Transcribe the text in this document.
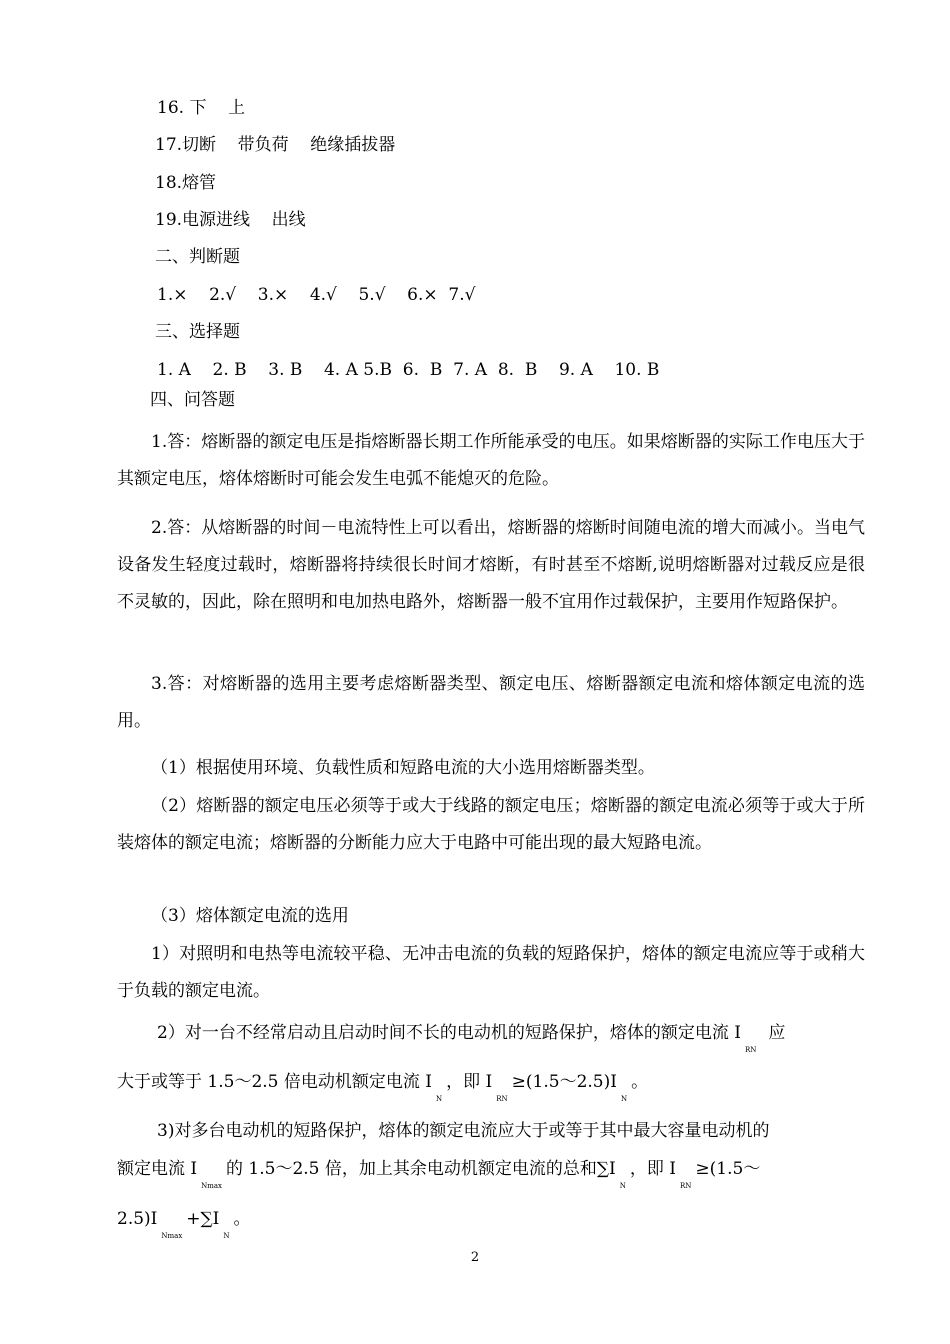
16. 下    上
17.切断    带负荷    绝缘插拔器
18.熔管
19.电源进线    出线
二、判断题
1.×    2.√    3.×    4.√    5.√    6.×  7.√
三、选择题
1. A    2. B    3. B    4. A 5.B  6.  B  7. A  8.  B    9. A    10. B
四、问答题
1.答：熔断器的额定电压是指熔断器长期工作所能承受的电压。如果熔断器的实际工作电压大于其额定电压，熔体熔断时可能会发生电弧不能熄灭的危险。
2.答：从熔断器的时间－电流特性上可以看出，熔断器的熔断时间随电流的增大而减小。当电气设备发生轻度过载时，熔断器将持续很长时间才熔断，有时甚至不熔断,说明熔断器对过载反应是很不灵敏的，因此，除在照明和电加热电路外，熔断器一般不宜用作过载保护，主要用作短路保护。
3.答：对熔断器的选用主要考虑熔断器类型、额定电压、熔断器额定电流和熔体额定电流的选用。
（1）根据使用环境、负载性质和短路电流的大小选用熔断器类型。
（2）熔断器的额定电压必须等于或大于线路的额定电压；熔断器的额定电流必须等于或大于所装熔体的额定电流；熔断器的分断能力应大于电路中可能出现的最大短路电流。
（3）熔体额定电流的选用
1）对照明和电热等电流较平稳、无冲击电流的负载的短路保护，熔体的额定电流应等于或稍大于负载的额定电流。
2）对一台不经常启动且启动时间不长的电动机的短路保护，熔体的额定电流 $I_{RN}$应
大于或等于 1.5～2.5 倍电动机额定电流 $I_N$，即 $I_{RN}\ge(1.5\sim 2.5)I_N$。
3)对多台电动机的短路保护，熔体的额定电流应大于或等于其中最大容量电动机的
额定电流 $I_{Nmax}$的 1.5～2.5 倍，加上其余电动机额定电流的总和$\sum I_N$，即 $I_{RN}\ge(1.5\sim$
$2.5)I_{Nmax}+\sum I_N$。
2
